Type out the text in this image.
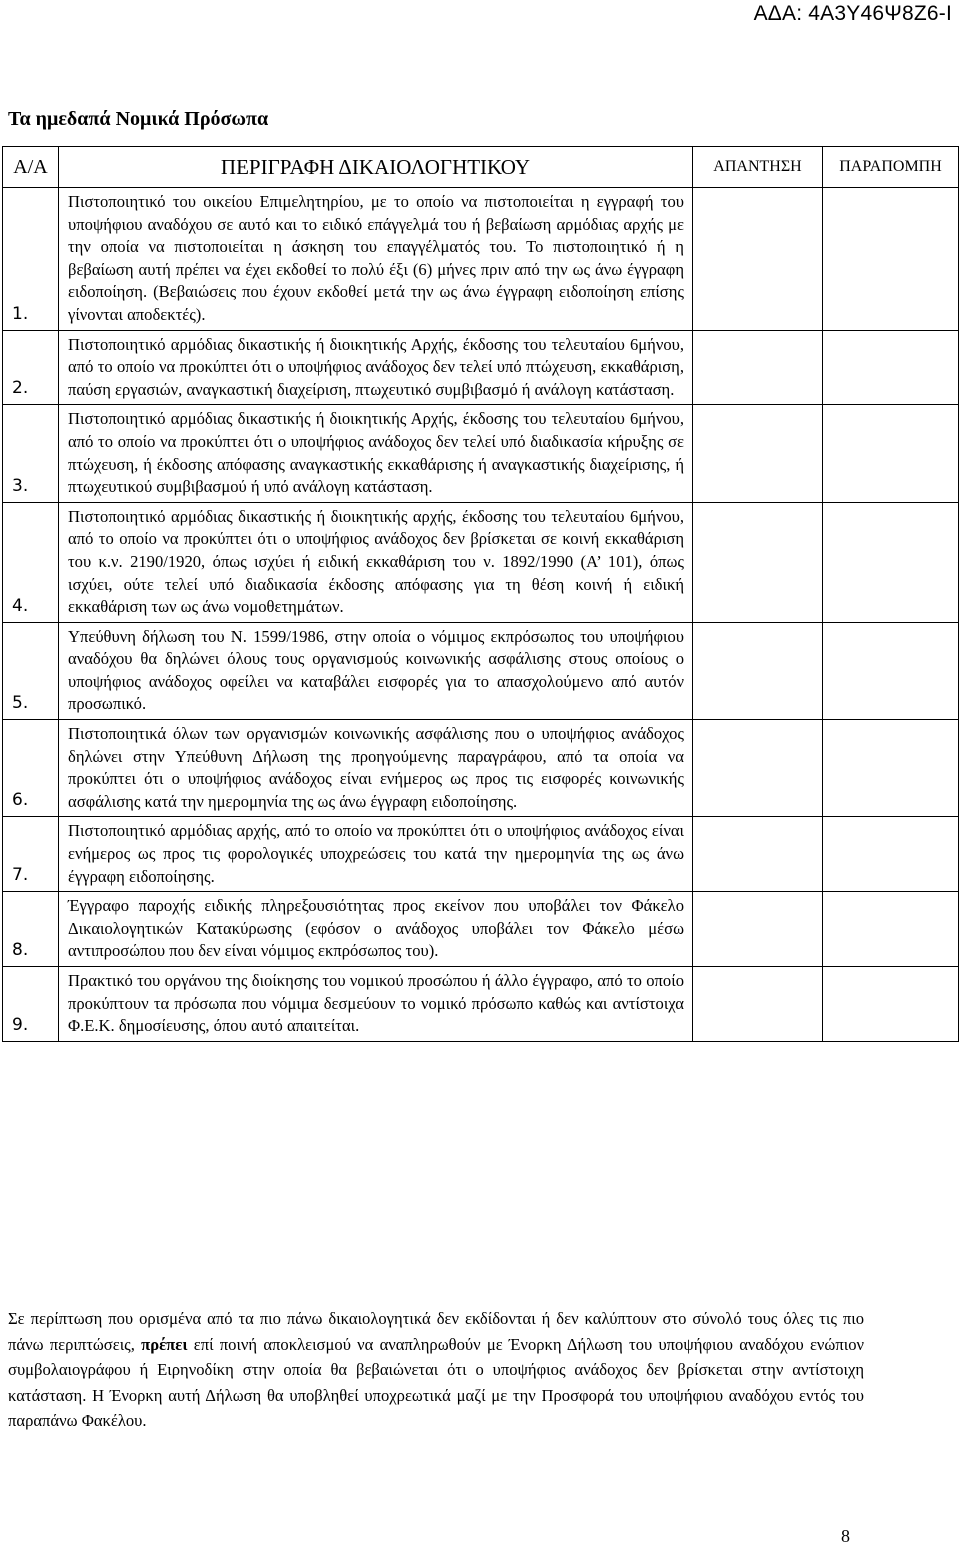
ΑΔΑ: 4Α3Υ46Ψ8Ζ6-Ι
Τα ημεδαπά Νομικά Πρόσωπα
Α/Α	ΠΕΡΙΓΡΑΦΗ ΔΙΚΑΙΟΛΟΓΗΤΙΚΟΥ	ΑΠΑΝΤΗΣΗ	ΠΑΡΑΠΟΜΠΗ
1.	Πιστοποιητικό του οικείου Επιμελητηρίου, με το οποίο να πιστοποιείται η εγγραφή του υποψήφιου αναδόχου σε αυτό και το ειδικό επάγγελμά του ή βεβαίωση αρμόδιας αρχής με την οποία να πιστοποιείται η άσκηση του επαγγέλματός του. Το πιστοποιητικό ή η βεβαίωση αυτή πρέπει να έχει εκδοθεί το πολύ έξι (6) μήνες πριν από την ως άνω έγγραφη ειδοποίηση. (Βεβαιώσεις που έχουν εκδοθεί μετά την ως άνω έγγραφη ειδοποίηση επίσης γίνονται αποδεκτές).		
2.	Πιστοποιητικό αρμόδιας δικαστικής ή διοικητικής Αρχής, έκδοσης του τελευταίου 6μήνου, από το οποίο να προκύπτει ότι ο υποψήφιος ανάδοχος δεν τελεί υπό πτώχευση, εκκαθάριση, παύση εργασιών, αναγκαστική διαχείριση, πτωχευτικό συμβιβασμό ή ανάλογη κατάσταση.		
3.	Πιστοποιητικό αρμόδιας δικαστικής ή διοικητικής Αρχής, έκδοσης του τελευταίου 6μήνου, από το οποίο να προκύπτει ότι ο υποψήφιος ανάδοχος δεν τελεί υπό διαδικασία κήρυξης σε πτώχευση, ή έκδοσης απόφασης αναγκαστικής εκκαθάρισης ή αναγκαστικής διαχείρισης, ή πτωχευτικού συμβιβασμού ή υπό ανάλογη κατάσταση.		
4.	Πιστοποιητικό αρμόδιας δικαστικής ή διοικητικής αρχής, έκδοσης του τελευταίου 6μήνου, από το οποίο να προκύπτει ότι ο υποψήφιος ανάδοχος δεν βρίσκεται σε κοινή εκκαθάριση του κ.ν. 2190/1920, όπως ισχύει ή ειδική εκκαθάριση του ν. 1892/1990 (Α’ 101), όπως ισχύει, ούτε τελεί υπό διαδικασία έκδοσης απόφασης για τη θέση κοινή ή ειδική εκκαθάριση των ως άνω νομοθετημάτων.		
5.	Υπεύθυνη δήλωση του Ν. 1599/1986, στην οποία ο νόμιμος εκπρόσωπος του υποψήφιου αναδόχου θα δηλώνει όλους τους οργανισμούς κοινωνικής ασφάλισης στους οποίους ο υποψήφιος ανάδοχος οφείλει να καταβάλει εισφορές για το απασχολούμενο από αυτόν προσωπικό.		
6.	Πιστοποιητικά όλων των οργανισμών κοινωνικής ασφάλισης που ο υποψήφιος ανάδοχος δηλώνει στην Υπεύθυνη Δήλωση της προηγούμενης παραγράφου, από τα οποία να προκύπτει ότι ο υποψήφιος ανάδοχος είναι ενήμερος ως προς τις εισφορές κοινωνικής ασφάλισης κατά την ημερομηνία της ως άνω έγγραφη ειδοποίησης.		
7.	Πιστοποιητικό αρμόδιας αρχής, από το οποίο να προκύπτει ότι ο υποψήφιος ανάδοχος είναι ενήμερος ως προς τις φορολογικές υποχρεώσεις του κατά την ημερομηνία της ως άνω έγγραφη ειδοποίησης.		
8.	Έγγραφο παροχής ειδικής πληρεξουσιότητας προς εκείνον που υποβάλει τον Φάκελο Δικαιολογητικών Κατακύρωσης (εφόσον ο ανάδοχος υποβάλει τον Φάκελο μέσω αντιπροσώπου που δεν είναι νόμιμος εκπρόσωπος του).		
9.	Πρακτικό του οργάνου της διοίκησης του νομικού προσώπου ή άλλο έγγραφο, από το οποίο προκύπτουν τα πρόσωπα που νόμιμα δεσμεύουν το νομικό πρόσωπο καθώς και αντίστοιχα Φ.Ε.Κ. δημοσίευσης, όπου αυτό απαιτείται.		
Σε περίπτωση που ορισμένα από τα πιο πάνω δικαιολογητικά δεν εκδίδονται ή δεν καλύπτουν στο σύνολό τους όλες τις πιο πάνω περιπτώσεις, πρέπει επί ποινή αποκλεισμού να αναπληρωθούν με Ένορκη Δήλωση του υποψήφιου αναδόχου ενώπιον συμβολαιογράφου ή Ειρηνοδίκη στην οποία θα βεβαιώνεται ότι ο υποψήφιος ανάδοχος δεν βρίσκεται στην αντίστοιχη κατάσταση. Η Ένορκη αυτή Δήλωση θα υποβληθεί υποχρεωτικά μαζί με την Προσφορά του υποψήφιου αναδόχου εντός του παραπάνω Φακέλου.
8
